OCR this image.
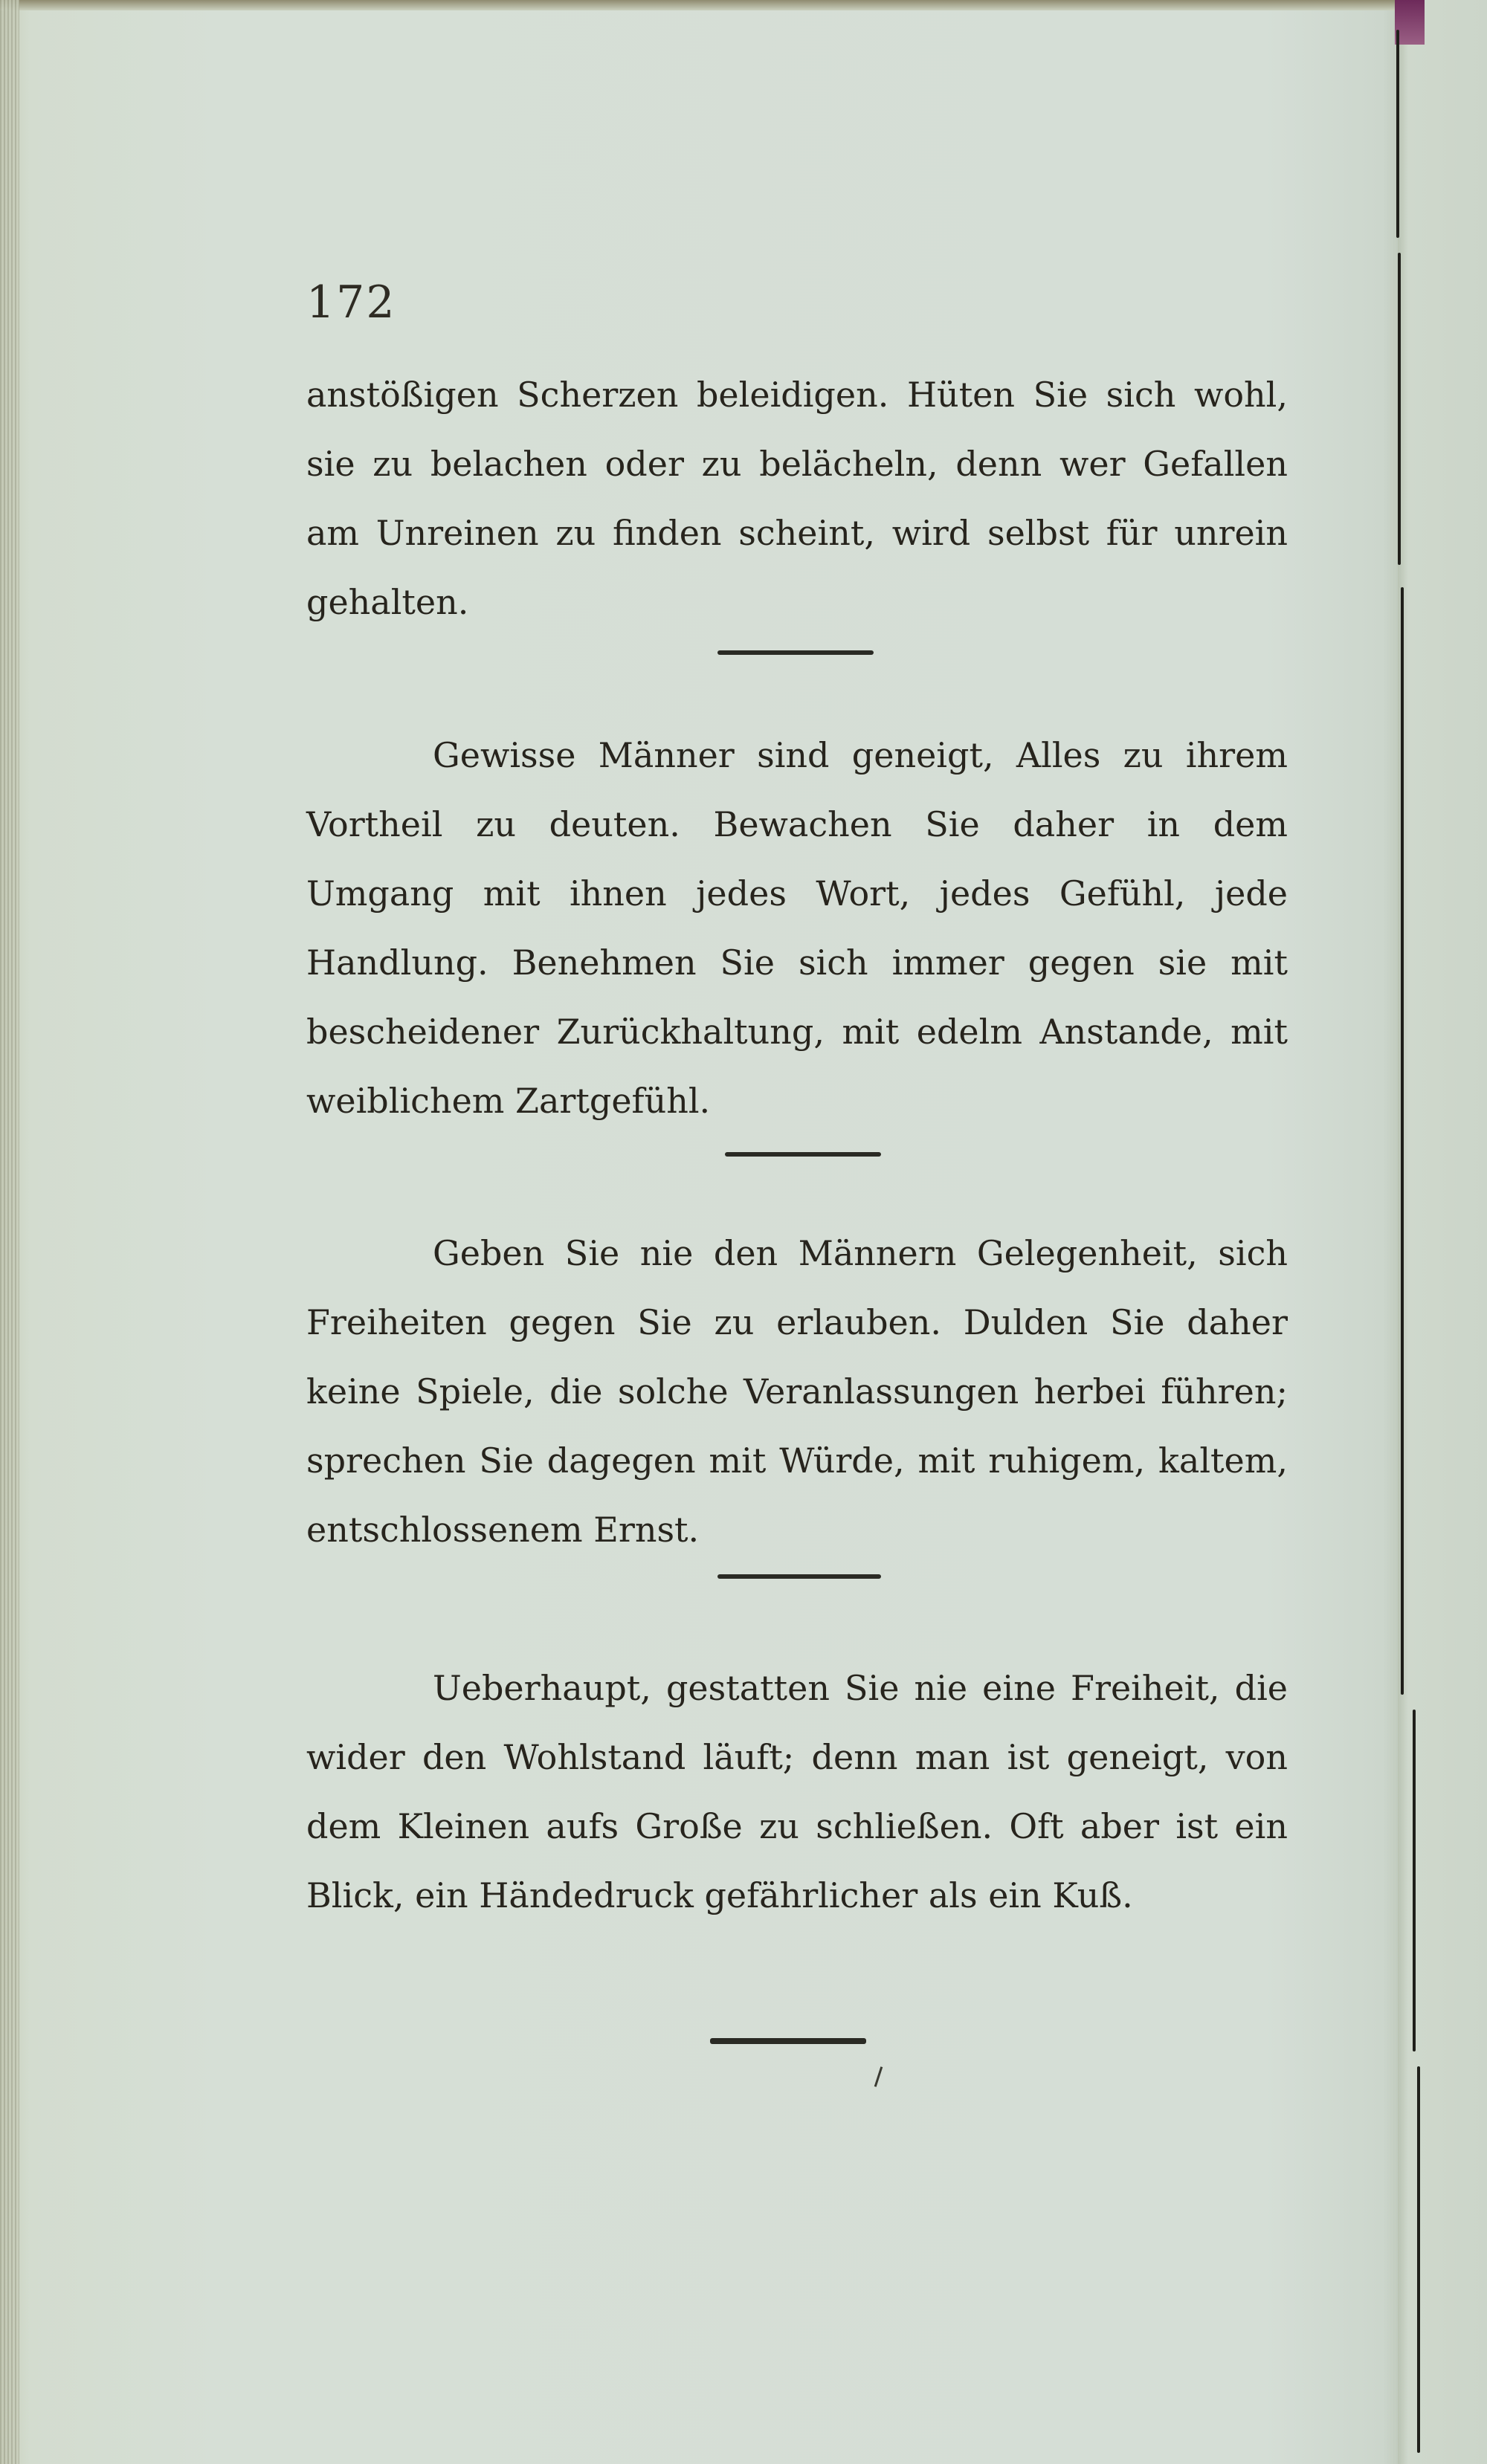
172

anstößigen Scherzen beleidigen. Hüten Sie sich wohl, sie zu belachen oder zu belächeln, denn wer Gefallen am Unreinen zu finden scheint, wird selbst für unrein gehalten.

Gewisse Männer sind geneigt, Alles zu ihrem Vortheil zu deuten. Bewachen Sie daher in dem Umgang mit ihnen jedes Wort, jedes Gefühl, jede Handlung. Benehmen Sie sich immer gegen sie mit bescheidener Zurückhaltung, mit edelm Anstande, mit weiblichem Zartgefühl.

Geben Sie nie den Männern Gelegenheit, sich Freiheiten gegen Sie zu erlauben. Dulden Sie daher keine Spiele, die solche Veranlassungen herbei führen; sprechen Sie dagegen mit Würde, mit ruhigem, kaltem, entschlossenem Ernst.

Ueberhaupt, gestatten Sie nie eine Freiheit, die wider den Wohlstand läuft; denn man ist geneigt, von dem Kleinen aufs Große zu schließen. Oft aber ist ein Blick, ein Händedruck gefährlicher als ein Kuß.
